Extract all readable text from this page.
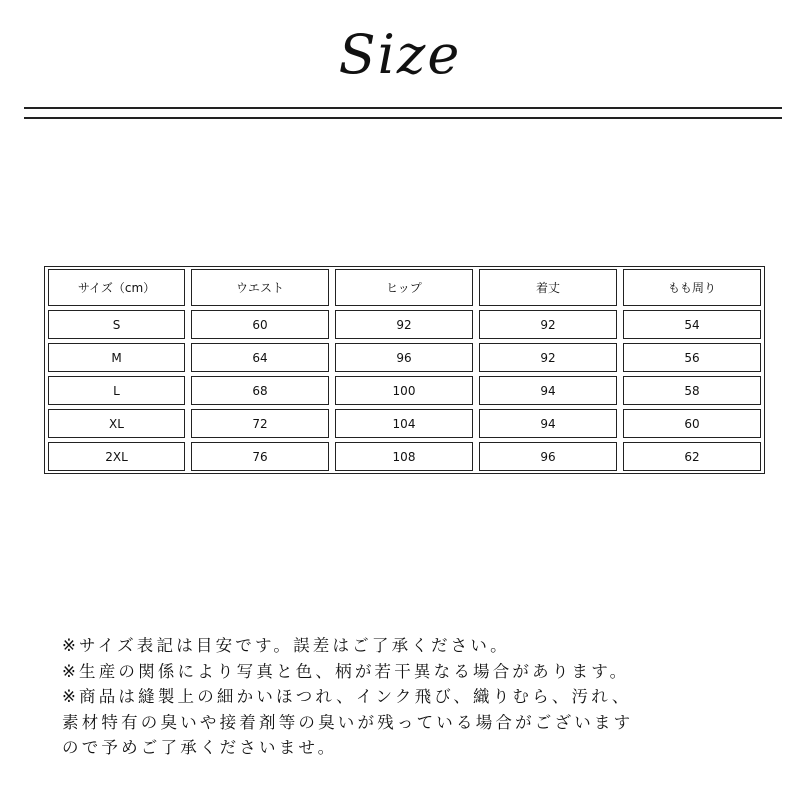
Size
サイズ（cm）	ウエスト	ヒップ	着丈	もも周り

S	60	92	92	54

M	64	96	92	56

L	68	100	94	58

XL	72	104	94	60

2XL	76	108	96	62
※サイズ表記は目安です。誤差はご了承ください。
※生産の関係により写真と色、柄が若干異なる場合があります。
※商品は縫製上の細かいほつれ、インク飛び、織りむら、汚れ、
素材特有の臭いや接着剤等の臭いが残っている場合がございます
ので予めご了承くださいませ。
